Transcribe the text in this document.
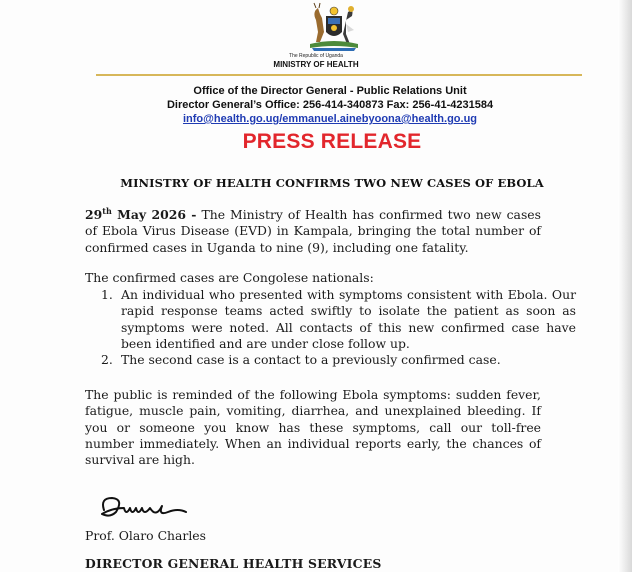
The Republic of Uganda
MINISTRY OF HEALTH
Office of the Director General - Public Relations Unit
Director General’s Office: 256-414-340873 Fax: 256-41-4231584
info@health.go.ug/emmanuel.ainebyoona@health.go.ug
PRESS RELEASE
MINISTRY OF HEALTH CONFIRMS TWO NEW CASES OF EBOLA
29th May 2026 - The Ministry of Health has confirmed two new cases of Ebola Virus Disease (EVD) in Kampala, bringing the total number of confirmed cases in Uganda to nine (9), including one fatality.
The confirmed cases are Congolese nationals:
1. An individual who presented with symptoms consistent with Ebola. Our rapid response teams acted swiftly to isolate the patient as soon as symptoms were noted. All contacts of this new confirmed case have been identified and are under close follow up.
2. The second case is a contact to a previously confirmed case.
The public is reminded of the following Ebola symptoms: sudden fever, fatigue, muscle pain, vomiting, diarrhea, and unexplained bleeding. If you or someone you know has these symptoms, call our toll-free number immediately. When an individual reports early, the chances of survival are high.
Prof. Olaro Charles
DIRECTOR GENERAL HEALTH SERVICES
